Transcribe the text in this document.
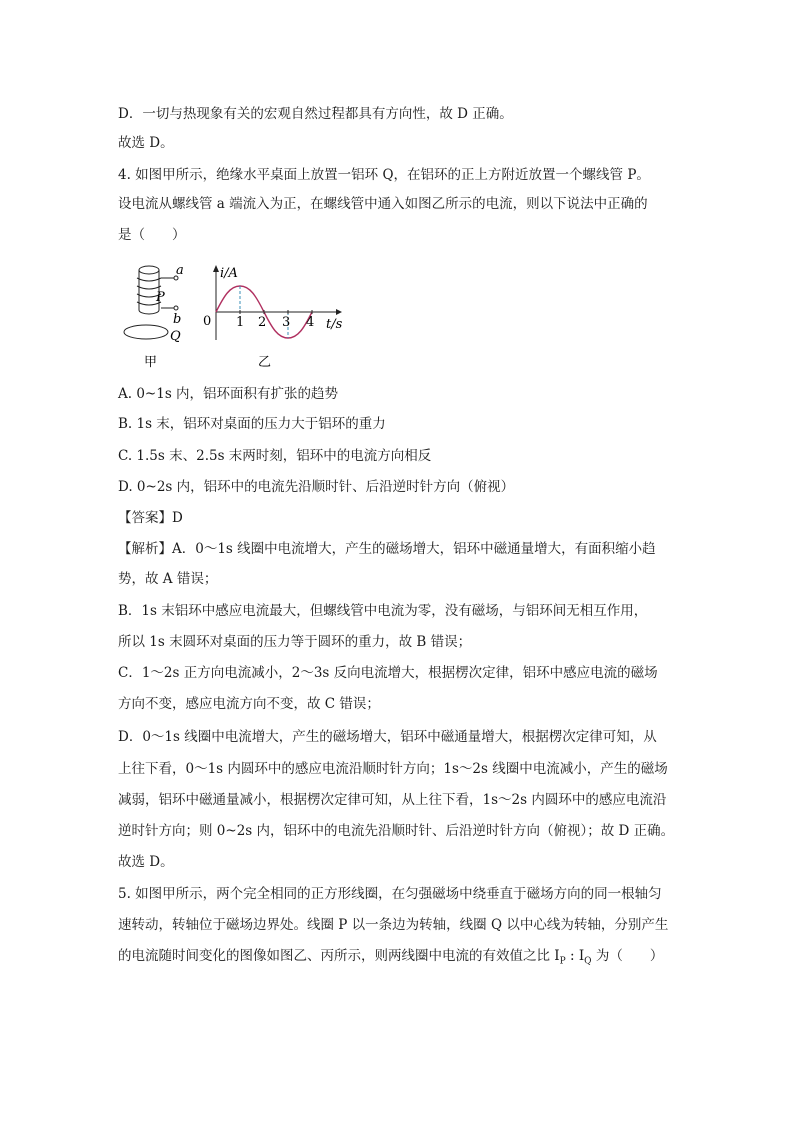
D．一切与热现象有关的宏观自然过程都具有方向性，故 D 正确。
故选 D。
4. 如图甲所示，绝缘水平桌面上放置一铝环 Q，在铝环的正上方附近放置一个螺线管 P。
设电流从螺线管 a 端流入为正，在螺线管中通入如图乙所示的电流，则以下说法中正确的
是（　　）
a
P
b
Q
甲
i/A
t/s
0 1 2 3 4
乙
A. 0~1s 内，铝环面积有扩张的趋势
B. 1s 末，铝环对桌面的压力大于铝环的重力
C. 1.5s 末、2.5s 末两时刻，铝环中的电流方向相反
D. 0~2s 内，铝环中的电流先沿顺时针、后沿逆时针方向（俯视）
【答案】D
【解析】A．0～1s 线圈中电流增大，产生的磁场增大，铝环中磁通量增大，有面积缩小趋
势，故 A 错误；
B．1s 末铝环中感应电流最大，但螺线管中电流为零，没有磁场，与铝环间无相互作用，
所以 1s 末圆环对桌面的压力等于圆环的重力，故 B 错误；
C．1～2s 正方向电流减小，2～3s 反向电流增大，根据楞次定律，铝环中感应电流的磁场
方向不变，感应电流方向不变，故 C 错误；
D．0～1s 线圈中电流增大，产生的磁场增大，铝环中磁通量增大，根据楞次定律可知，从
上往下看，0～1s 内圆环中的感应电流沿顺时针方向；1s～2s 线圈中电流减小，产生的磁场
减弱，铝环中磁通量减小，根据楞次定律可知，从上往下看，1s～2s 内圆环中的感应电流沿
逆时针方向；则 0~2s 内，铝环中的电流先沿顺时针、后沿逆时针方向（俯视）；故 D 正确。
故选 D。
5. 如图甲所示，两个完全相同的正方形线圈，在匀强磁场中绕垂直于磁场方向的同一根轴匀
速转动，转轴位于磁场边界处。线圈 P 以一条边为转轴，线圈 Q 以中心线为转轴，分别产生
的电流随时间变化的图像如图乙、丙所示，则两线圈中电流的有效值之比 $I_P$ : $I_Q$ 为（　　）
